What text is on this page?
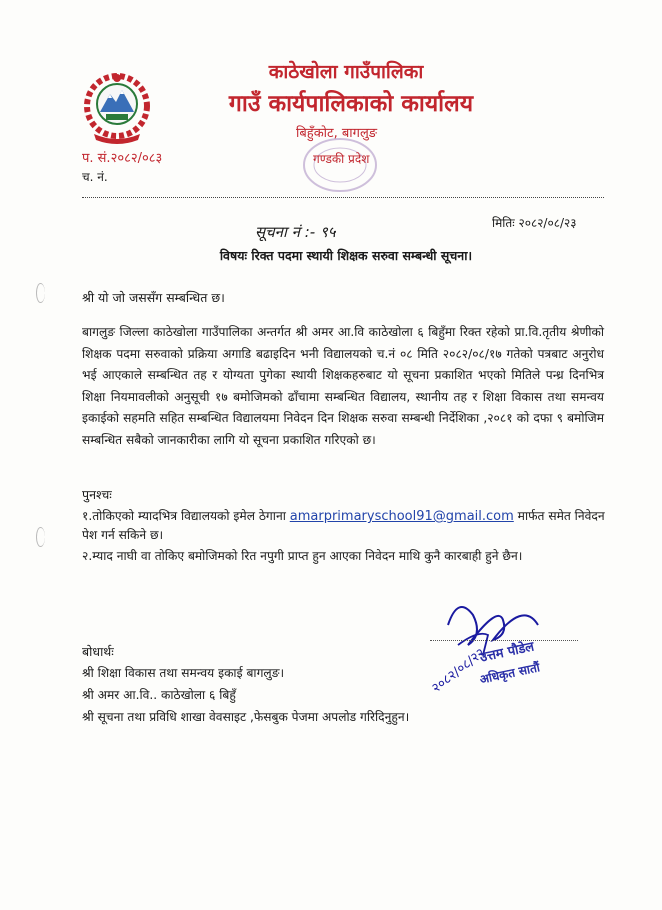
काठेखोला गाउँपालिका
गाउँ कार्यपालिकाको कार्यालय
बिहुँकोट, बागलुङ
गण्डकी प्रदेश
प. सं.२०८२/०८३
च. नं.
मितिः २०८२/०८/२३
सूचना नं :- ९५
विषयः रिक्त पदमा स्थायी शिक्षक सरुवा सम्बन्धी सूचना।
श्री यो जो जससँग सम्बन्धित छ।
बागलुङ जिल्ला काठेखोला गाउँपालिका अन्तर्गत श्री अमर आ.वि काठेखोला ६ बिहुँमा रिक्त रहेको प्रा.वि.तृतीय श्रेणीको शिक्षक पदमा सरुवाको प्रक्रिया अगाडि बढाइदिन भनी विद्यालयको च.नं ०८ मिति २०८२/०८/१७ गतेको पत्रबाट अनुरोध भई आएकाले सम्बन्धित तह र योग्यता पुगेका स्थायी शिक्षकहरुबाट यो सूचना प्रकाशित भएको मितिले पन्ध्र दिनभित्र शिक्षा नियमावलीको अनुसूची १७ बमोजिमको ढाँचामा सम्बन्धित विद्यालय, स्थानीय तह र शिक्षा विकास तथा समन्वय इकाईको सहमति सहित सम्बन्धित विद्यालयमा निवेदन दिन शिक्षक सरुवा सम्बन्धी निर्देशिका ,२०८१ को दफा ९ बमोजिम सम्बन्धित सबैको जानकारीका लागि यो सूचना प्रकाशित गरिएको छ।
पुनश्चः
१.तोकिएको म्यादभित्र विद्यालयको इमेल ठेगाना amarprimaryschool91@gmail.com मार्फत समेत निवेदन पेश गर्न सकिने छ।
२.म्याद नाघी वा तोकिए बमोजिमको रित नपुगी प्राप्त हुन आएका निवेदन माथि कुनै कारबाही हुने छैन।
२०८२/०८/२२
उत्तम पौडेल
अधिकृत सातौं
बोधार्थः
श्री शिक्षा विकास तथा समन्वय इकाई बागलुङ।
श्री अमर आ.वि.. काठेखोला ६ बिहुँ
श्री सूचना तथा प्रविधि शाखा वेवसाइट ,फेसबुक पेजमा अपलोड गरिदिनुहुन।
